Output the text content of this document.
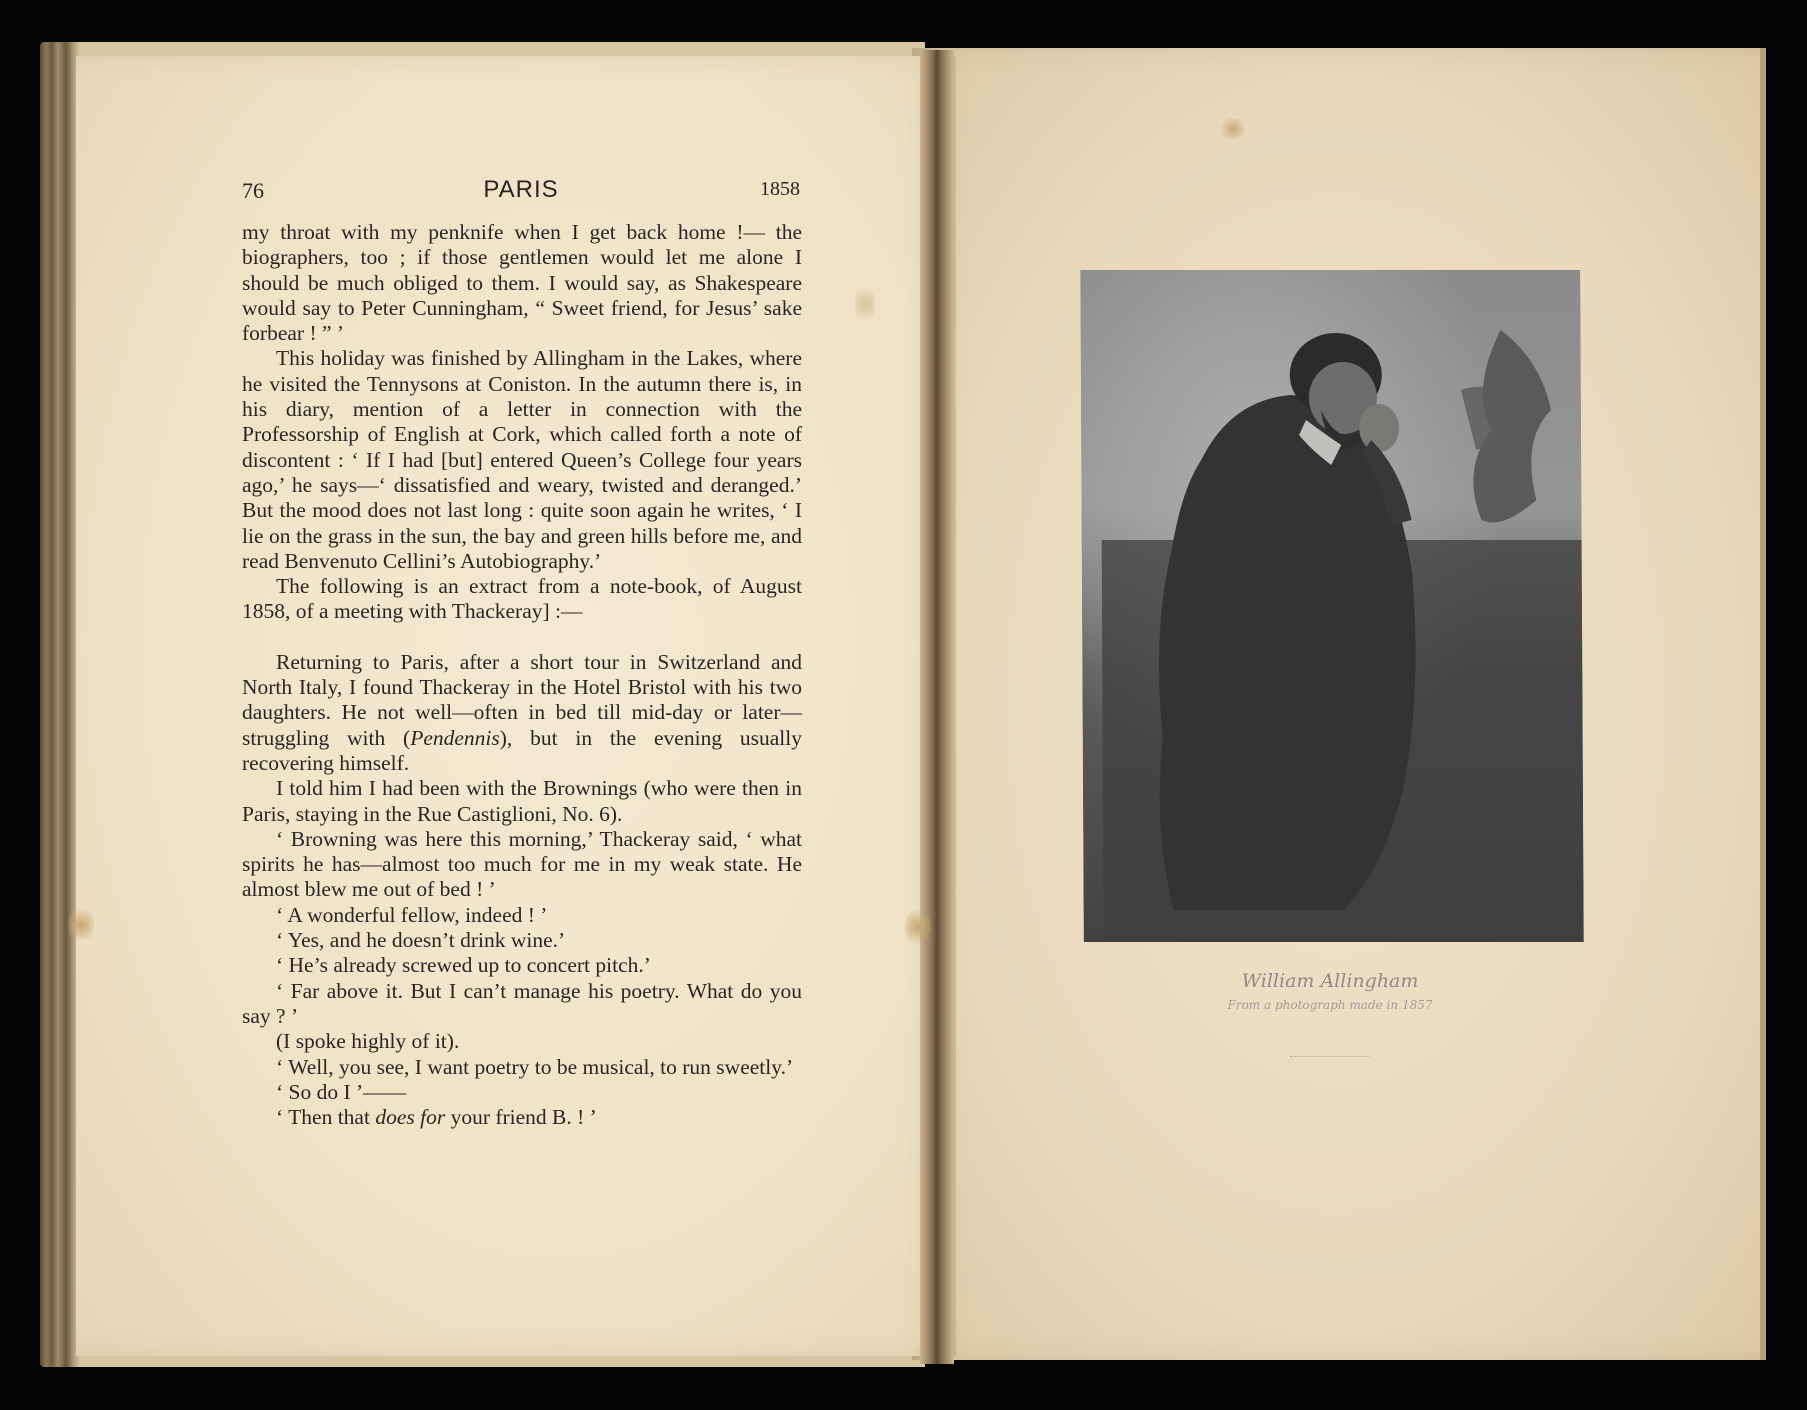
76	PARIS	1858

my throat with my penknife when I get back home !— the biographers, too ; if those gentlemen would let me alone I should be much obliged to them. I would say, as Shakespeare would say to Peter Cunningham, “ Sweet friend, for Jesus’ sake forbear ! ” ’

This holiday was finished by Allingham in the Lakes, where he visited the Tennysons at Coniston. In the autumn there is, in his diary, mention of a letter in connection with the Professorship of English at Cork, which called forth a note of discontent : ‘ If I had [but] entered Queen’s College four years ago,’ he says—‘ dissatisfied and weary, twisted and deranged.’ But the mood does not last long : quite soon again he writes, ‘ I lie on the grass in the sun, the bay and green hills before me, and read Benvenuto Cellini’s Autobiography.’

The following is an extract from a note-book, of August 1858, of a meeting with Thackeray] :—

Returning to Paris, after a short tour in Switzerland and North Italy, I found Thackeray in the Hotel Bristol with his two daughters. He not well—often in bed till mid-day or later—struggling with (Pendennis), but in the evening usually recovering himself.

I told him I had been with the Brownings (who were then in Paris, staying in the Rue Castiglioni, No. 6).

‘ Browning was here this morning,’ Thackeray said, ‘ what spirits he has—almost too much for me in my weak state. He almost blew me out of bed ! ’

‘ A wonderful fellow, indeed ! ’

‘ Yes, and he doesn’t drink wine.’

‘ He’s already screwed up to concert pitch.’

‘ Far above it. But I can’t manage his poetry. What do you say ? ’

(I spoke highly of it).

‘ Well, you see, I want poetry to be musical, to run sweetly.’

‘ So do I ’——

‘ Then that does for your friend B. ! ’

William Allingham
From a photograph made in 1857
